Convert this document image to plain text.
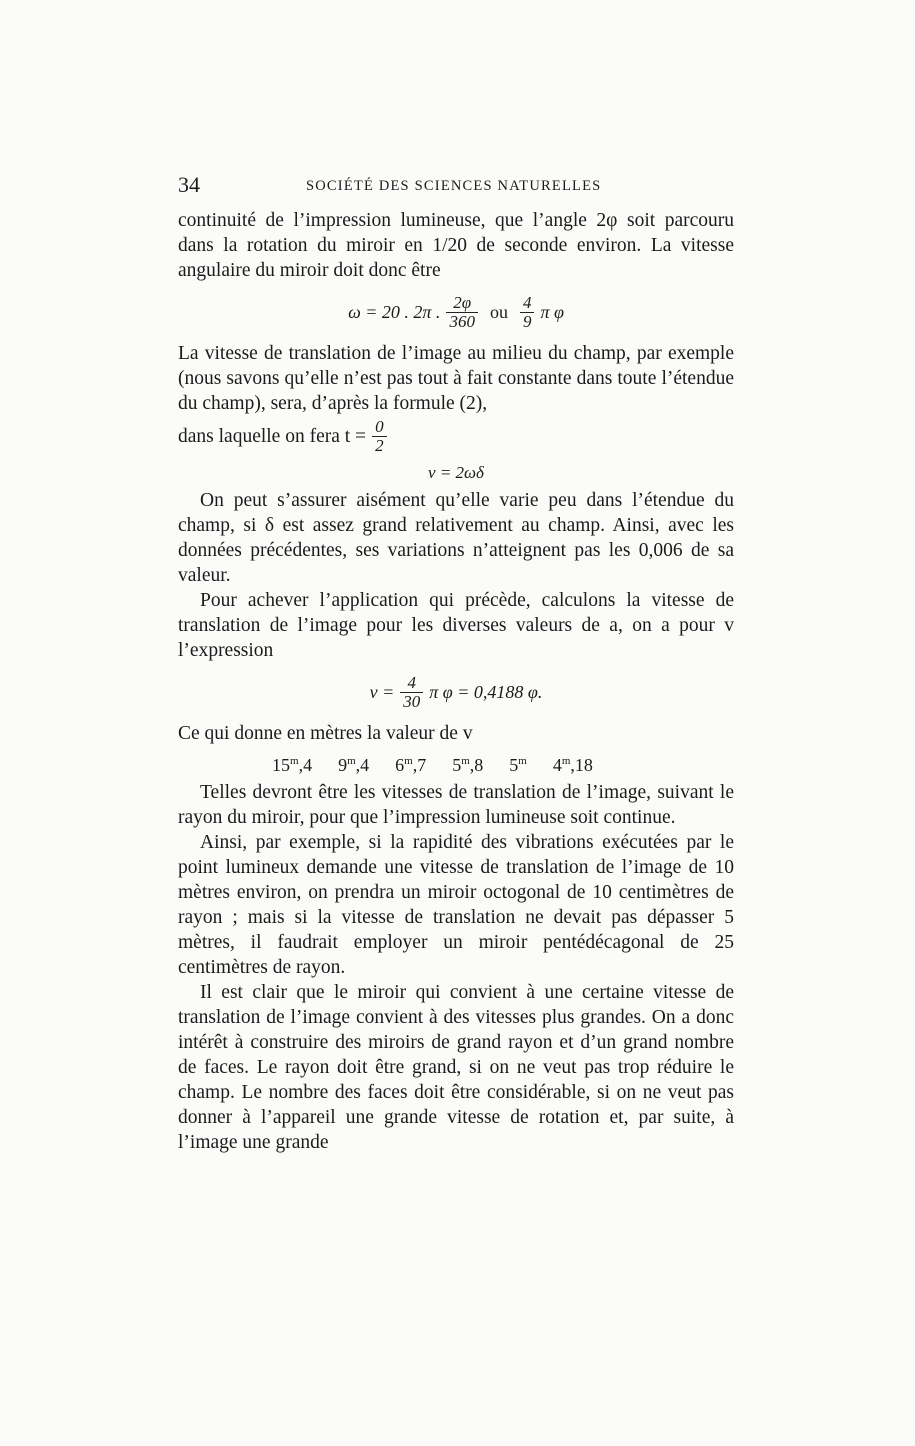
34	SOCIÉTÉ DES SCIENCES NATURELLES

continuité de l’impression lumineuse, que l’angle 2φ soit parcouru dans la rotation du miroir en 1/20 de seconde environ. La vitesse angulaire du miroir doit donc être

ω = 20 . 2π . $\frac{2\varphi}{360}$ ou $\frac{4}{9}$ π φ

La vitesse de translation de l’image au milieu du champ, par exemple (nous savons qu’elle n’est pas tout à fait constante dans toute l’étendue du champ), sera, d’après la formule (2),

dans laquelle on fera $t = \frac{0}{2}$
v = 2ωδ

On peut s’assurer aisément qu’elle varie peu dans l’étendue du champ, si δ est assez grand relativement au champ. Ainsi, avec les données précédentes, ses variations n’atteignent pas les 0,006 de sa valeur.

Pour achever l’application qui précède, calculons la vitesse de translation de l’image pour les diverses valeurs de a, on a pour v l’expression

$v = \frac{4}{30}$ π φ = 0,4188 φ.

Ce qui donne en mètres la valeur de v

15$^m$,4 9$^m$,4 6$^m$,7 5$^m$,8 5$^m$ 4$^m$,18

Telles devront être les vitesses de translation de l’image, suivant le rayon du miroir, pour que l’impression lumineuse soit continue.

Ainsi, par exemple, si la rapidité des vibrations exécutées par le point lumineux demande une vitesse de translation de l’image de 10 mètres environ, on prendra un miroir octogonal de 10 centimètres de rayon ; mais si la vitesse de translation ne devait pas dépasser 5 mètres, il faudrait employer un miroir pentédécagonal de 25 centimètres de rayon.

Il est clair que le miroir qui convient à une certaine vitesse de translation de l’image convient à des vitesses plus grandes. On a donc intérêt à construire des miroirs de grand rayon et d’un grand nombre de faces. Le rayon doit être grand, si on ne veut pas trop réduire le champ. Le nombre des faces doit être considérable, si on ne veut pas donner à l’appareil une grande vitesse de rotation et, par suite, à l’image une grande
